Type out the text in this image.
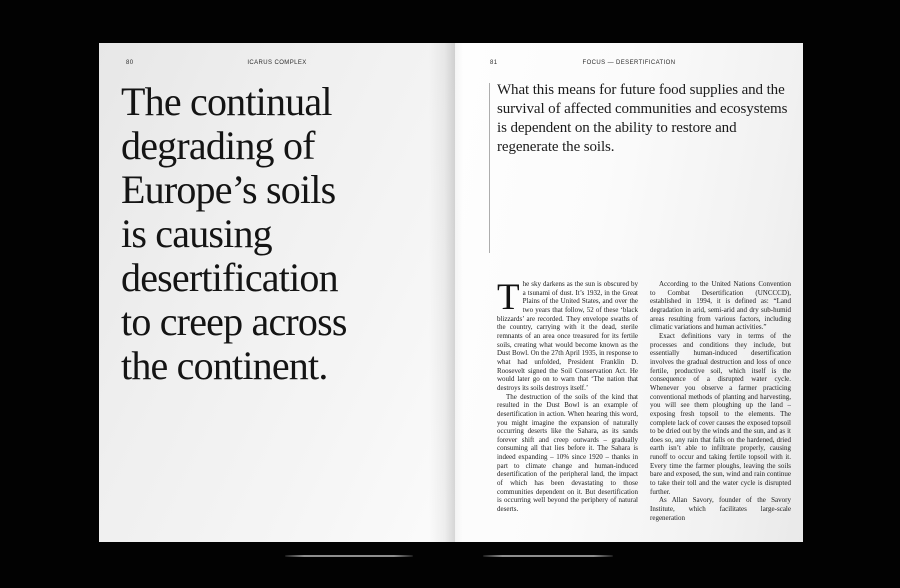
80	ICARUS COMPLEX
The continual
degrading of
Europe’s soils
is causing
desertification
to creep across
the continent.
81	FOCUS — DESERTIFICATION
What this means for future food supplies and the survival of affected communities and ecosystems is dependent on the ability to restore and regenerate the soils.

The sky darkens as the sun is obscured by a tsunami of dust. It’s 1932, in the Great Plains of the United States, and over the two years that follow, 52 of these ‘black blizzards’ are recorded. They envelope swaths of the country, carrying with it the dead, sterile remnants of an area once treasured for its fertile soils, creating what would become known as the Dust Bowl. On the 27th April 1935, in response to what had unfolded, President Franklin D. Roosevelt signed the Soil Conservation Act. He would later go on to warn that ‘The nation that destroys its soils destroys itself.’

The destruction of the soils of the kind that resulted in the Dust Bowl is an example of desertification in action. When hearing this word, you might imagine the expansion of naturally occurring deserts like the Sahara, as its sands forever shift and creep outwards – gradually consuming all that lies before it. The Sahara is indeed expanding – 10% since 1920 – thanks in part to climate change and human-induced desertification of the peripheral land, the impact of which has been devastating to those communities dependent on it. But desertification is occurring well beyond the periphery of natural deserts.

According to the United Nations Convention to Combat Desertification (UNCCCD), established in 1994, it is defined as: “Land degradation in arid, semi-arid and dry sub-humid areas resulting from various factors, including climatic variations and human activities.”

Exact definitions vary in terms of the processes and conditions they include, but essentially human-induced desertification involves the gradual destruction and loss of once fertile, productive soil, which itself is the consequence of a disrupted water cycle. Whenever you observe a farmer practicing conventional methods of planting and harvesting, you will see them ploughing up the land – exposing fresh topsoil to the elements. The complete lack of cover causes the exposed topsoil to be dried out by the winds and the sun, and as it does so, any rain that falls on the hardened, dried earth isn’t able to infiltrate properly, causing runoff to occur and taking fertile topsoil with it. Every time the farmer ploughs, leaving the soils bare and exposed, the sun, wind and rain continue to take their toll and the water cycle is disrupted further.

As Allan Savory, founder of the Savory Institute, which facilitates large-scale regeneration
